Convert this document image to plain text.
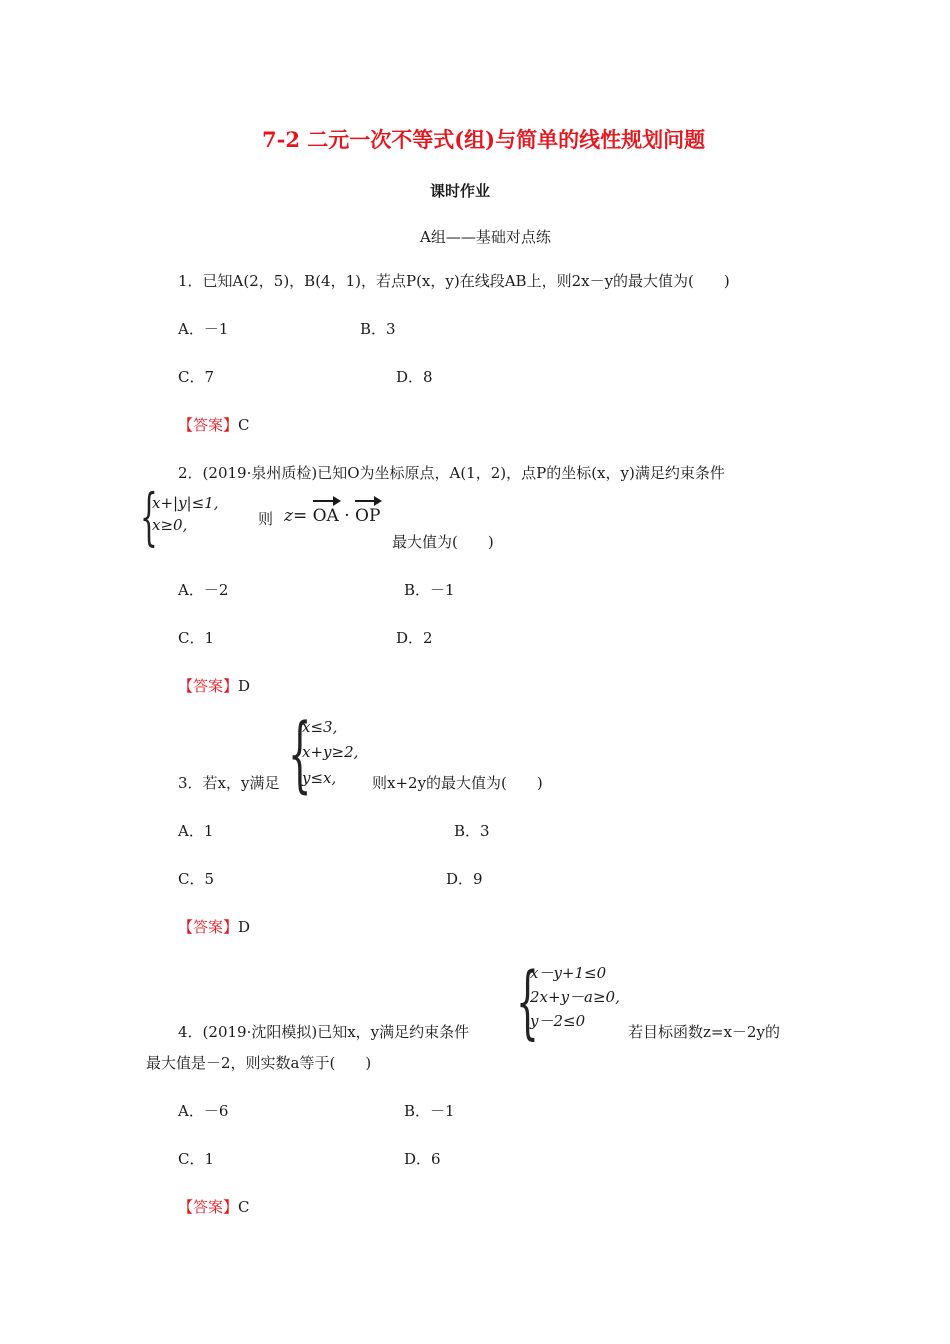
7-2 二元一次不等式(组)与简单的线性规划问题
课时作业
A组——基础对点练
1．已知A(2，5)，B(4，1)，若点P(x，y)在线段AB上，则2x－y的最大值为(　　)
A．－1	B．3
C．7	D．8
【答案】C
2．(2019·泉州质检)已知O为坐标原点，A(1，2)，点P的坐标(x，y)满足约束条件
{
x+|y|≤1,
x≥0,	则 z= OA · OP
最大值为(　　)
A．－2	B．－1
C．1	D．2
【答案】D
3．若x，y满足 {
x≤3,
x+y≥2,
y≤x, 则x+2y的最大值为(　　)
A．1	B．3
C．5	D．9
【答案】D
4．(2019·沈阳模拟)已知x，y满足约束条件 {
x－y+1≤0
2x+y－a≥0,
y－2≤0
若目标函数z=x－2y的
最大值是－2，则实数a等于(　　)
A．－6	B．－1
C．1	D．6
【答案】C
